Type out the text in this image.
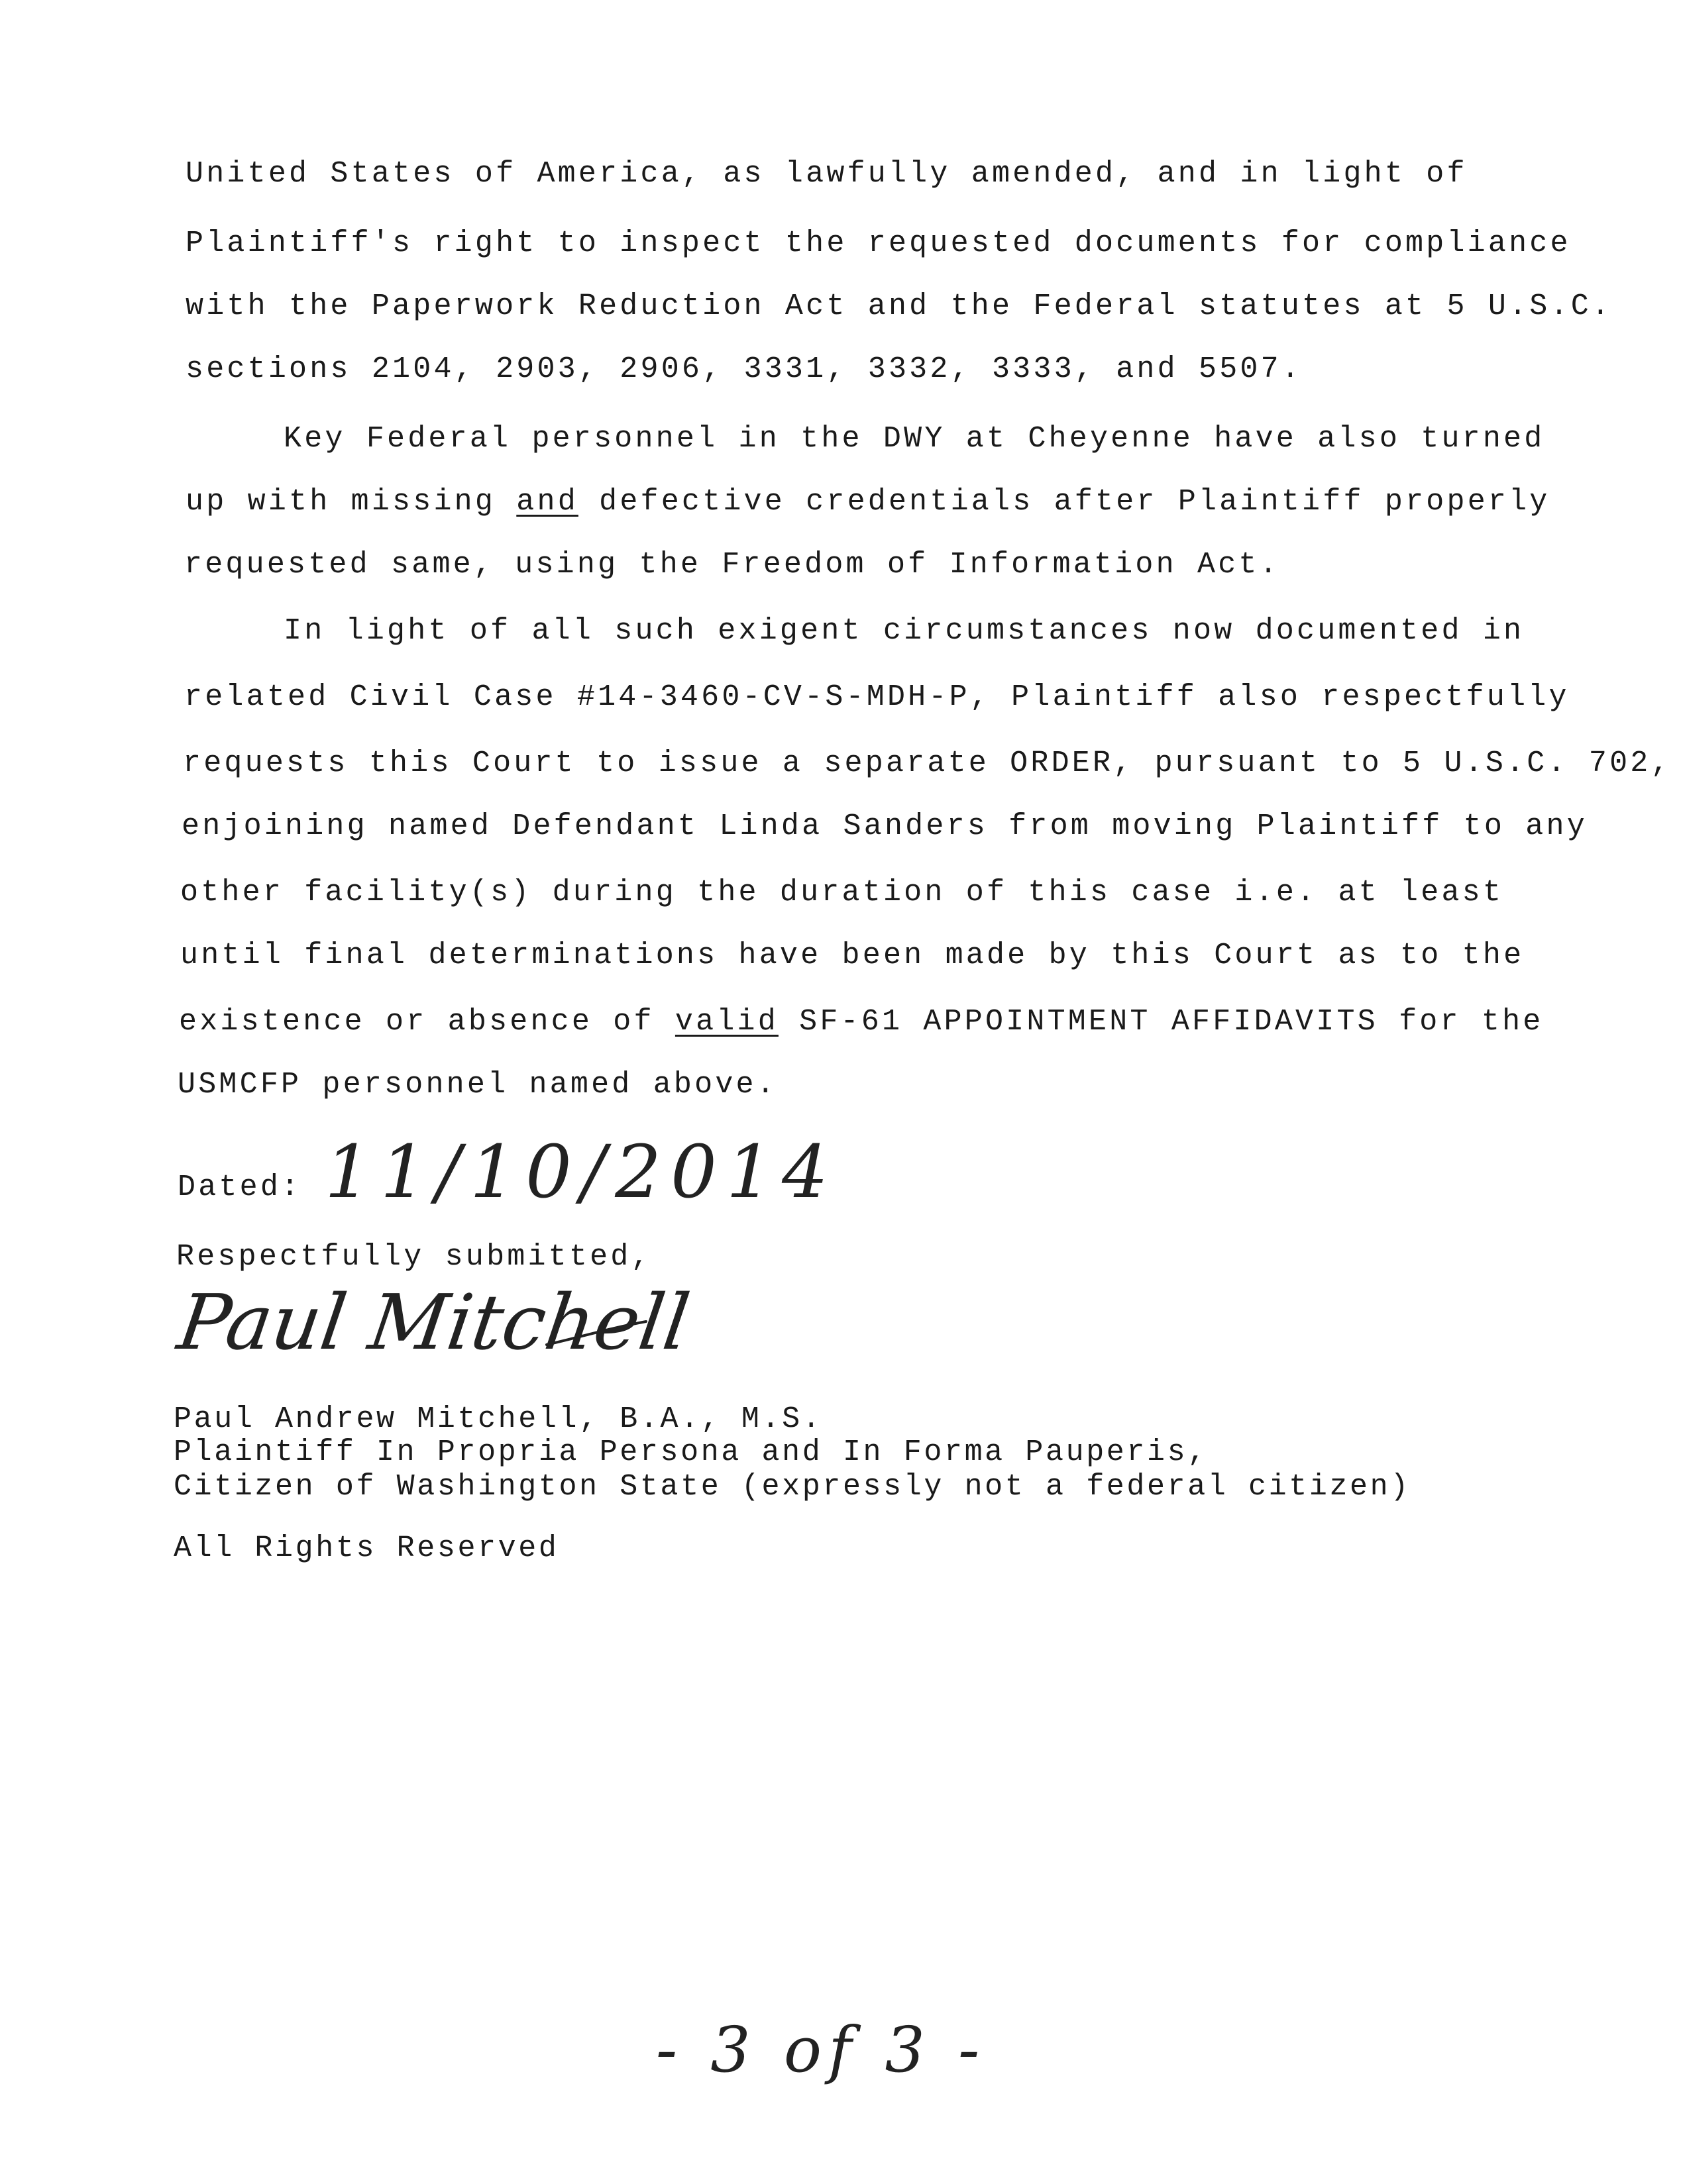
United States of America, as lawfully amended, and in light of
Plaintiff's right to inspect the requested documents for compliance
with the Paperwork Reduction Act and the Federal statutes at 5 U.S.C.
sections 2104, 2903, 2906, 3331, 3332, 3333, and 5507.
Key Federal personnel in the DWY at Cheyenne have also turned
up with missing and defective credentials after Plaintiff properly
requested same, using the Freedom of Information Act.
In light of all such exigent circumstances now documented in
related Civil Case #14-3460-CV-S-MDH-P, Plaintiff also respectfully
requests this Court to issue a separate ORDER, pursuant to 5 U.S.C. 702,
enjoining named Defendant Linda Sanders from moving Plaintiff to any
other facility(s) during the duration of this case i.e. at least
until final determinations have been made by this Court as to the
existence or absence of valid SF-61 APPOINTMENT AFFIDAVITS for the
USMCFP personnel named above.
Dated: 11/10/2014
Respectfully submitted,
Paul Mitchell
Paul Andrew Mitchell, B.A., M.S.
Plaintiff In Propria Persona and In Forma Pauperis,
Citizen of Washington State (expressly not a federal citizen)
All Rights Reserved
- 3 of 3 -
